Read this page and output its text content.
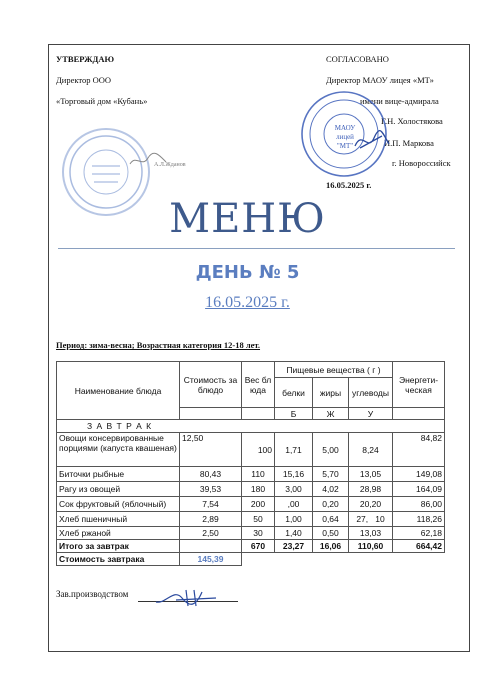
УТВЕРЖДАЮ
Директор ООО
«Торговый дом «Кубань»
А.Л.Жданов
СОГЛАСОВАНО
Директор МАОУ лицея «МТ»
имени вице-адмирала
Г.Н. Холостякова
И.П. Маркова
г. Новороссийск
16.05.2025 г.
МАОУ лицей "МТ"
МЕНЮ
ДЕНЬ № 5
16.05.2025 г.
Период: зима-весна; Возрастная категория 12-18 лет.
Наименование блюда	Стоимость за блюдо	Вес блюда	Пищевые вещества ( г )			Энергети-ческая
			белки	жиры	углеводы	
			Б	Ж	У	
З А В Т Р А К						
Овощи консервированные порциями (капуста квашеная)	12,50	100	1,71	5,00	8,24	84,82
Биточки рыбные	80,43	110	15,16	5,70	13,05	149,08
Рагу из овощей	39,53	180	3,00	4,02	28,98	164,09
Сок фруктовый (яблочный)	7,54	200	,00	0,20	20,20	86,00
Хлеб пшеничный	2,89	50	1,00	0,64	27,   10	118,26
Хлеб ржаной	2,50	30	1,40	0,50	13,03	62,18
Итого за завтрак		670	23,27	16,06	110,60	664,42
Стоимость завтрака	145,39					
Зав.производством
